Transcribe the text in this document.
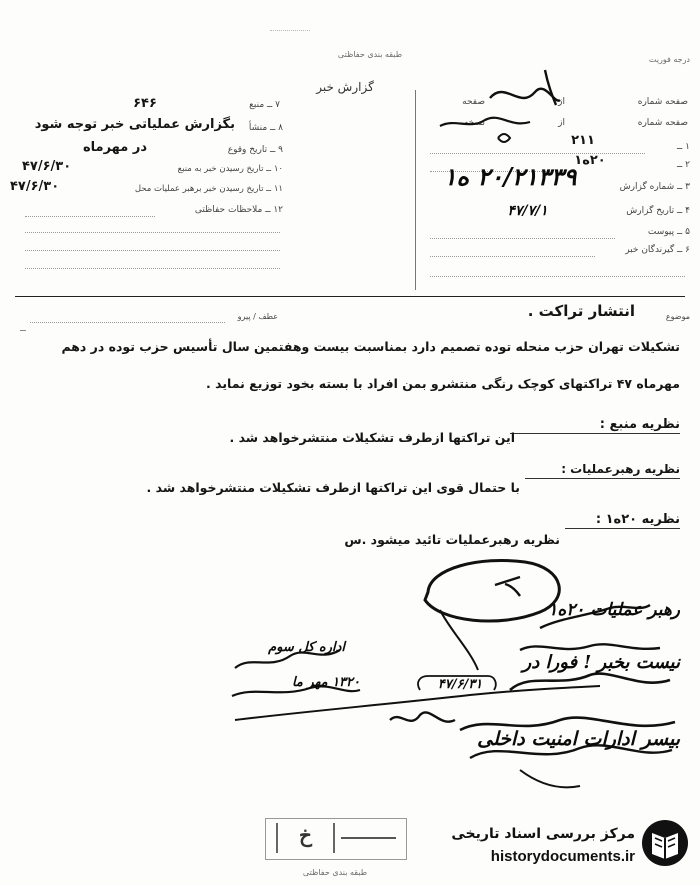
طبقه بندی حفاظتی
گزارش خبر
درجه فوریت
۷ ــ منبع
۶۴۶
۸ ــ منشأ
بگزارش عملیاتی خبر توجه شود
۹ ــ تاریخ وقوع
در مهرماه
۱۰ ــ تاریخ رسیدن خبر به منبع
۴۷/۶/۳۰
۱۱ ــ تاریخ رسیدن خبر برهبر عملیات محل
۴۷/۶/۳۰
۱۲ ــ ملاحظات حفاظتی
صفحه شماره
از
صفحه
صفحه شماره
از
نسخه
۲۱۱	۱ ــ
۲ ــ
۲۰ه۱
۳ ــ شماره گزارش
۲۰/۲۱۳۳۹ ه۱
۴ ــ تاریخ گزارش
۴۷/۷/۱
۵ ــ پیوست
۶ ــ گیرندگان خبر
موضوع
انتشار تراکت .
عطف / پیرو
تشکیلات تهران حزب منحله توده تصمیم دارد بمناسبت بیست وهفتمین سال تأسیس حزب توده در دهم
مهرماه ۴۷ تراکتهای کوچک رنگی منتشرو بمن افراد با بسته بخود توزیع نماید .
نظریه منبع :
این تراکتها ازطرف تشکیلات منتشرخواهد شد .
نظریه رهبرعملیات :
با حتمال قوی این تراکتها ازطرف تشکیلات منتشرخواهد شد .
نظریه ۲۰ه۱ :
نظریه رهبرعملیات تائید میشود .س
رهبر عملیات ۲۰ه۱
نیست بخبر ! فورا در
بیسر ادارات امنیت داخلی
۴۷/۶/۳۱
اداره کل سوم
۱۳۲۰ مهر ما
خ
طبقه بندی حفاظتی
مرکز بررسی اسناد تاریخی
historydocuments.ir
